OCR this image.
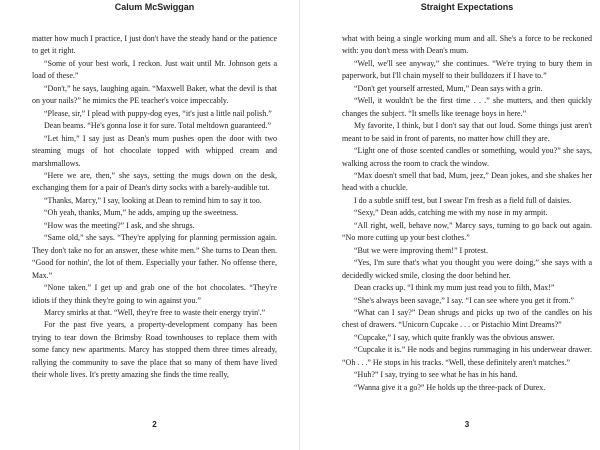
Calum McSwiggan

matter how much I practice, I just don't have the steady hand or the patience to get it right.

“Some of your best work, I reckon. Just wait until Mr. Johnson gets a load of these.”

“Don't,” he says, laughing again. “Maxwell Baker, what the devil is that on your nails?” he mimics the PE teacher's voice impeccably.

“Please, sir,” I plead with puppy-dog eyes, “it's just a little nail polish.”

Dean beams. “He's gonna lose it for sure. Total meltdown guaranteed.”

“Let him,” I say just as Dean's mum pushes open the door with two steaming mugs of hot chocolate topped with whipped cream and marshmallows.

“Here we are, then,” she says, setting the mugs down on the desk, exchanging them for a pair of Dean's dirty socks with a barely-audible tut.

“Thanks, Marcy,” I say, looking at Dean to remind him to say it too.

“Oh yeah, thanks, Mum,” he adds, amping up the sweetness.

“How was the meeting?” I ask, and she shrugs.

“Same old,” she says. “They're applying for planning permission again. They don't take no for an answer, these white men.” She turns to Dean then. “Good for nothin', the lot of them. Especially your father. No offense there, Max.”

“None taken.” I get up and grab one of the hot chocolates. “They're idiots if they think they're going to win against you.”

Marcy smirks at that. “Well, they're free to waste their energy tryin'.”

For the past five years, a property-development company has been trying to tear down the Brimsby Road townhouses to replace them with some fancy new apartments. Marcy has stopped them three times already, rallying the community to save the place that so many of them have lived their whole lives. It's pretty amazing she finds the time really,

2
Straight Expectations

what with being a single working mum and all. She's a force to be reckoned with: you don't mess with Dean's mum.

“Well, we'll see anyway,” she continues. “We're trying to bury them in paperwork, but I'll chain myself to their bulldozers if I have to.”

“Don't get yourself arrested, Mum,” Dean says with a grin.

“Well, it wouldn't be the first time . . .” she mutters, and then quickly changes the subject. “It smells like teenage boys in here.”

My favorite, I think, but I don't say that out loud. Some things just aren't meant to be said in front of parents, no matter how chill they are.

“Light one of those scented candles or something, would you?” she says, walking across the room to crack the window.

“Max doesn't smell that bad, Mum, jeez,” Dean jokes, and she shakes her head with a chuckle.

I do a subtle sniff test, but I swear I'm fresh as a field full of daisies.

“Sexy,” Dean adds, catching me with my nose in my armpit.

“All right, well, behave now,” Marcy says, turning to go back out again. “No more cutting up your best clothes.”

“But we were improving them!” I protest.

“Yes, I'm sure that's what you thought you were doing,” she says with a decidedly wicked smile, closing the door behind her.

Dean cracks up. “I think my mum just read you to filth, Max!”

“She's always been savage,” I say. “I can see where you get it from.”

“What can I say?” Dean shrugs and picks up two of the candles on his chest of drawers. “Unicorn Cupcake . . . or Pistachio Mint Dreams?”

“Cupcake,” I say, which quite frankly was the obvious answer.

“Cupcake it is.” He nods and begins rummaging in his underwear drawer. “Oh . . .” He stops in his tracks. “Well, these definitely aren't matches.”

“Huh?” I say, trying to see what he has in his hand.

“Wanna give it a go?” He holds up the three-pack of Durex.

3
